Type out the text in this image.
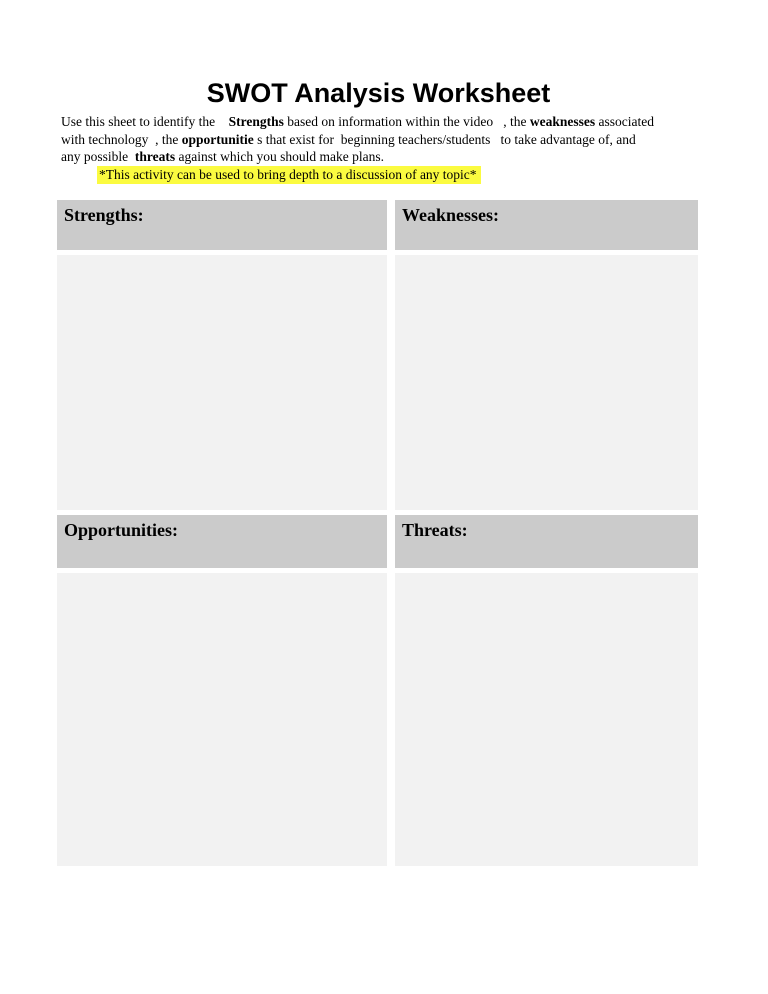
SWOT Analysis Worksheet
Use this sheet to identify the    Strengths based on information within the video   , the weaknesses associated
with technology  , the opportunitie s that exist for  beginning teachers/students   to take advantage of, and
any possible  threats against which you should make plans.
*This activity can be used to bring depth to a discussion of any topic*
Strengths:	Weaknesses:
Opportunities:	Threats:
